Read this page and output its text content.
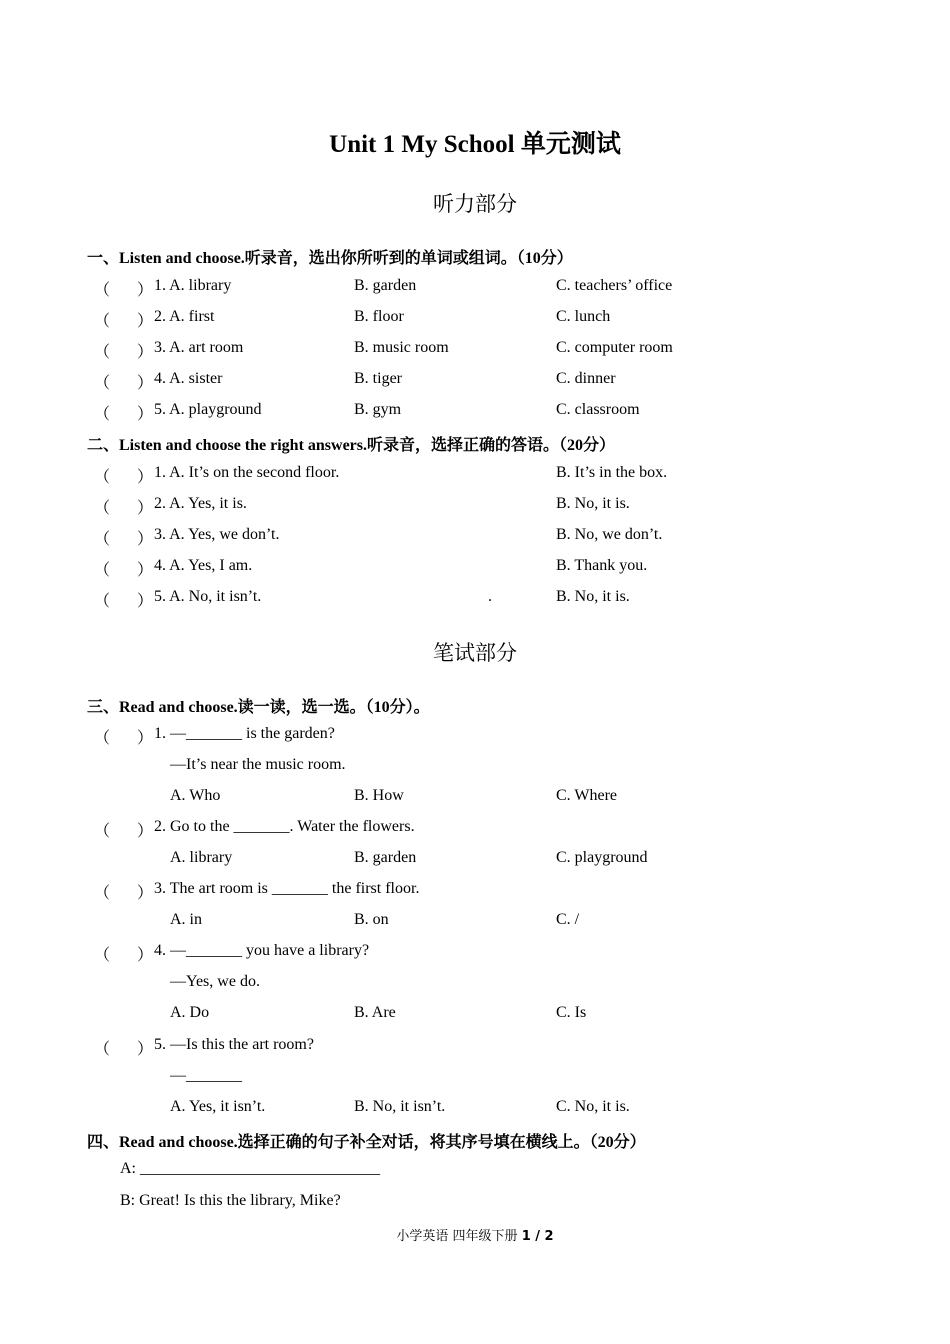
Unit 1 My School 单元测试
听力部分
一、Listen and choose.听录音，选出你所听到的单词或组词。（10分）
（ ） 1. A. library	B. garden	C. teachers’ office
（ ） 2. A. first	B. floor	C. lunch
（ ） 3. A. art room	B. music room	C. computer room
（ ） 4. A. sister	B. tiger	C. dinner
（ ） 5. A. playground	B. gym	C. classroom
二、Listen and choose the right answers.听录音，选择正确的答语。（20分）
（ ） 1. A. It’s on the second floor.	B. It’s in the box.
（ ） 2. A. Yes, it is.	B. No, it is.
（ ） 3. A. Yes, we don’t.	B. No, we don’t.
（ ） 4. A. Yes, I am.	B. Thank you.
（ ） 5. A. No, it isn’t.	.	B. No, it is.
笔试部分
三、Read and choose.读一读，选一选。（10分）。
（ ） 1. —_______ is the garden?
—It’s near the music room.
A. Who	B. How	C. Where
（ ） 2. Go to the _______. Water the flowers.
A. library	B. garden	C. playground
（ ） 3. The art room is _______ the first floor.
A. in	B. on	C. /
（ ） 4. —_______ you have a library?
—Yes, we do.
A. Do	B. Are	C. Is
（ ） 5. —Is this the art room?
—_______
A. Yes, it isn’t.	B. No, it isn’t.	C. No, it is.
四、Read and choose.选择正确的句子补全对话，将其序号填在横线上。（20分）
A: ______________________________
B: Great! Is this the library, Mike?
小学英语 四年级下册 1 / 2
